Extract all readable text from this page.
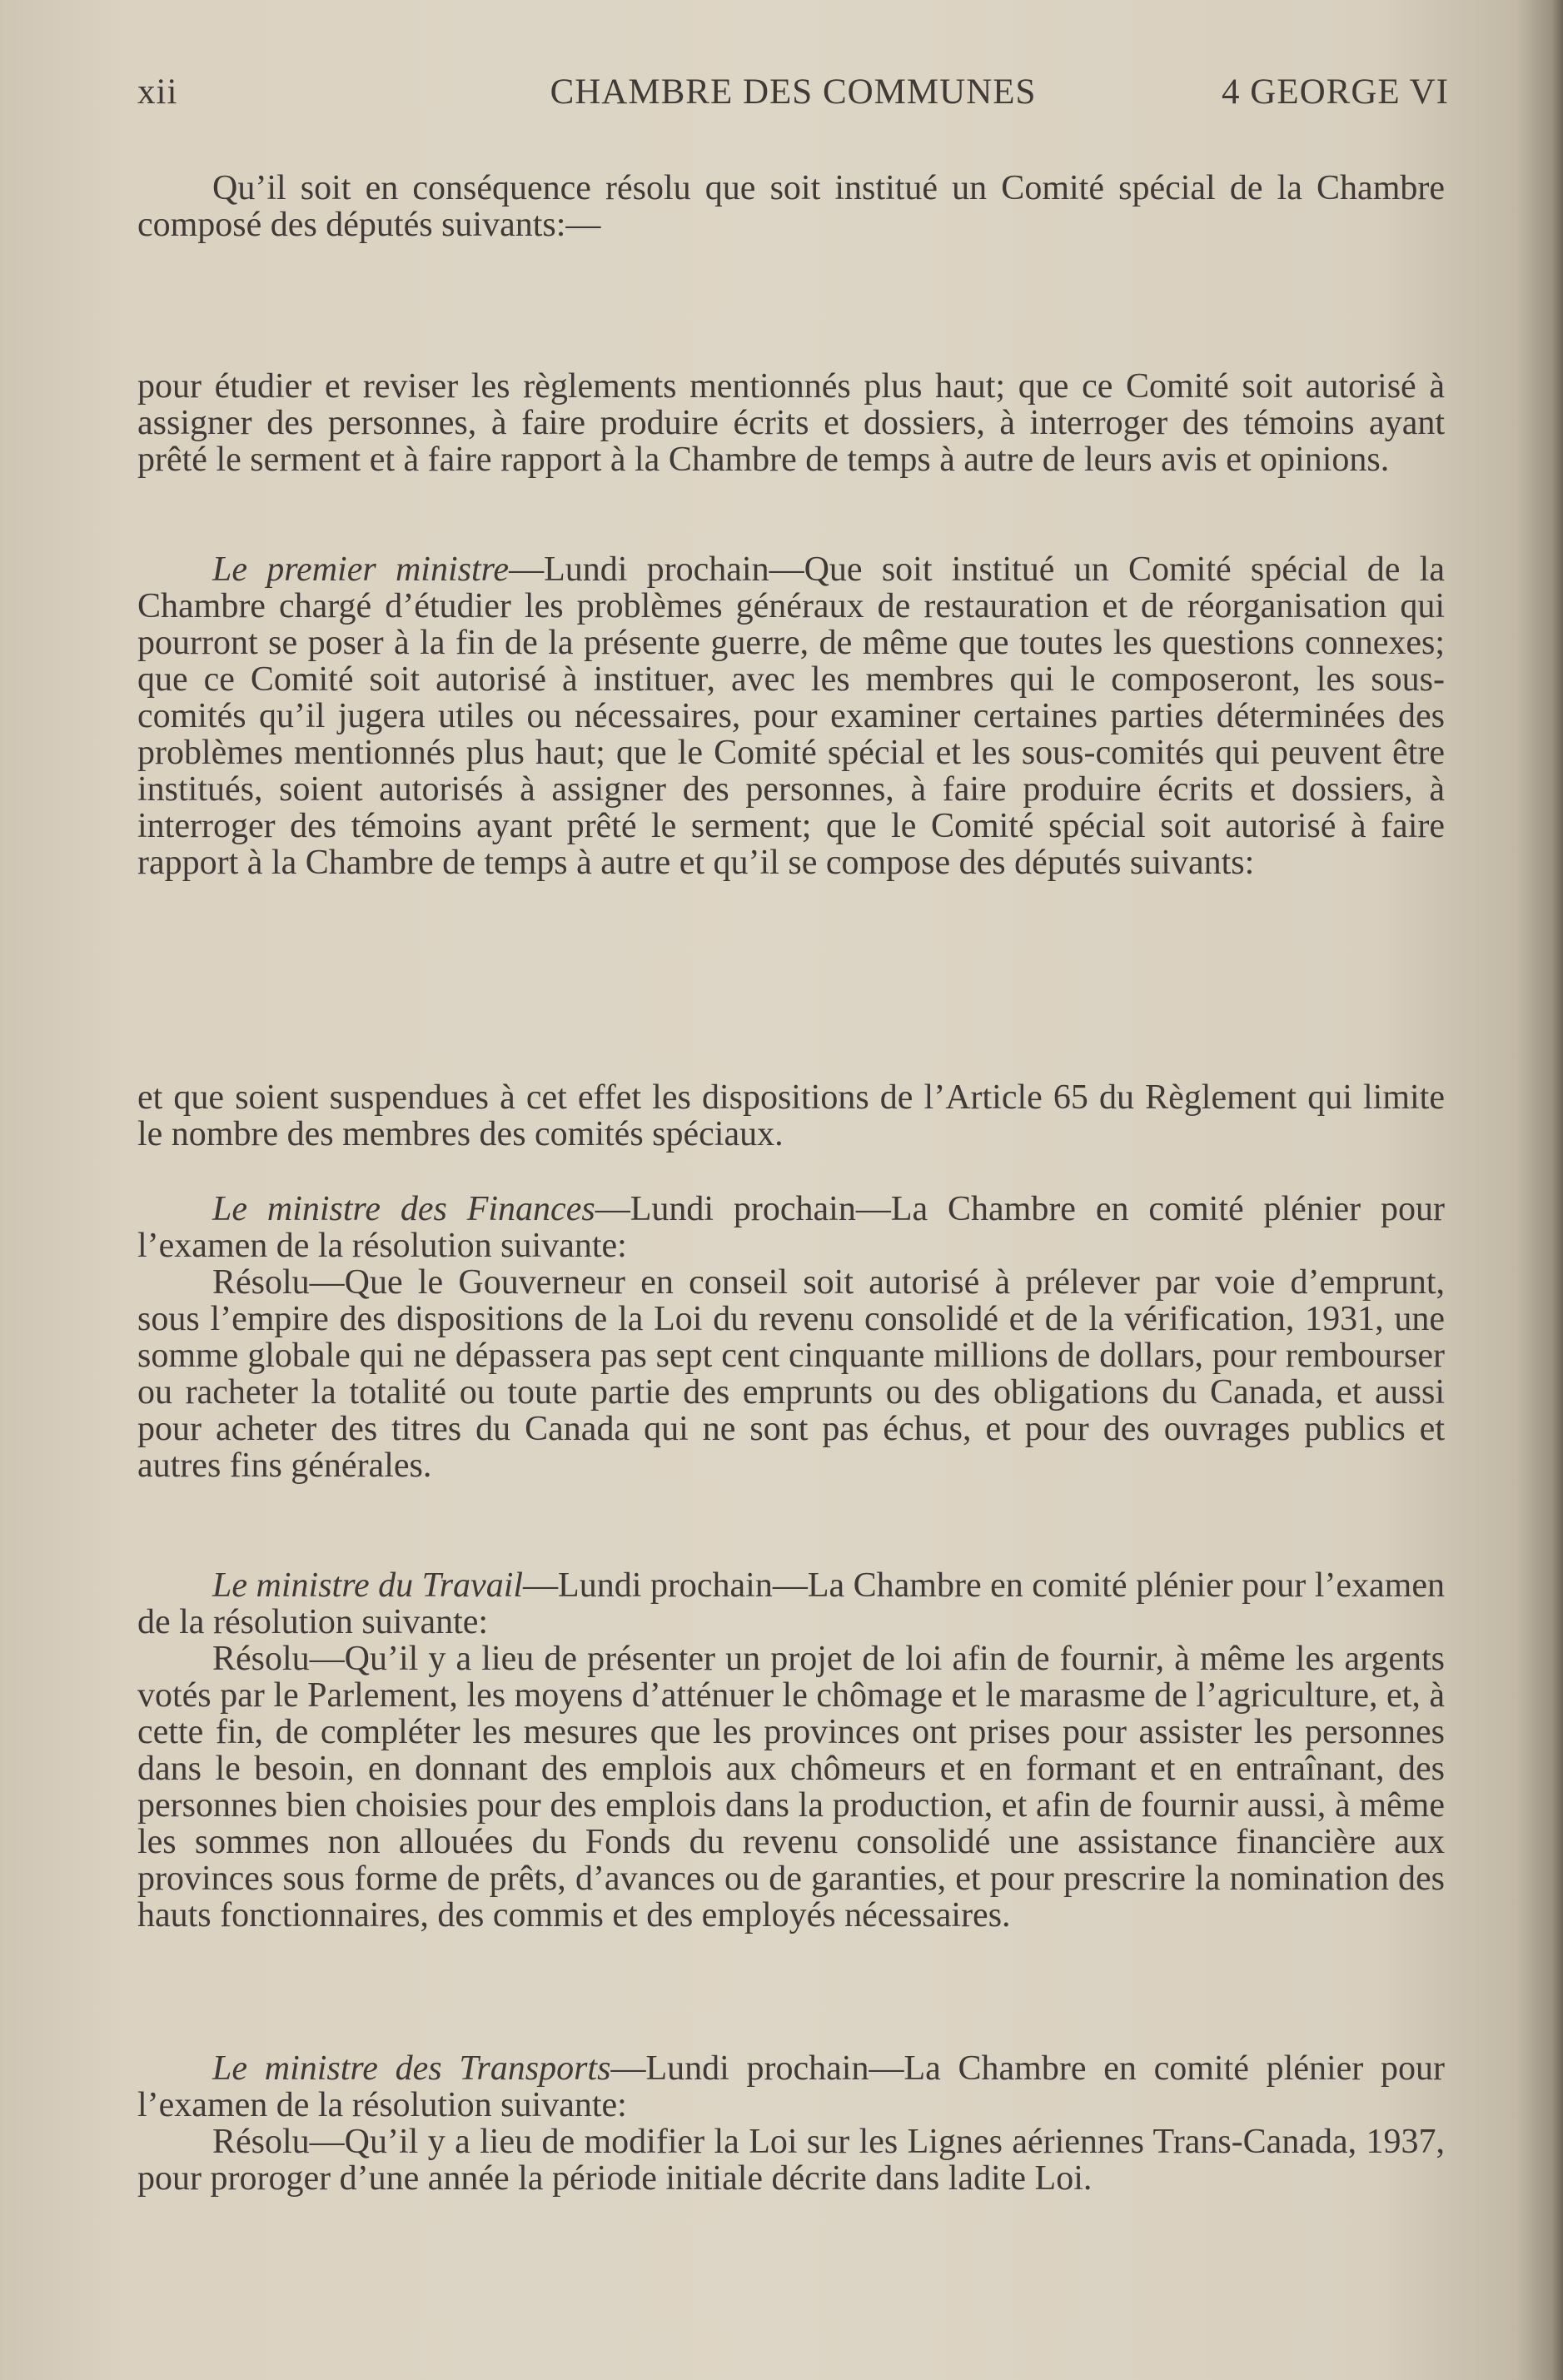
xii	CHAMBRE DES COMMUNES	4 GEORGE VI

Qu’il soit en conséquence résolu que soit institué un Comité spécial de la Chambre composé des députés suivants:—

pour étudier et reviser les règlements mentionnés plus haut; que ce Comité soit autorisé à assigner des personnes, à faire produire écrits et dossiers, à interroger des témoins ayant prêté le serment et à faire rapport à la Chambre de temps à autre de leurs avis et opinions.

Le premier ministre—Lundi prochain—Que soit institué un Comité spécial de la Chambre chargé d’étudier les problèmes généraux de restauration et de réorganisation qui pourront se poser à la fin de la présente guerre, de même que toutes les questions connexes; que ce Comité soit autorisé à instituer, avec les membres qui le composeront, les sous-comités qu’il jugera utiles ou nécessaires, pour examiner certaines parties déterminées des problèmes mentionnés plus haut; que le Comité spécial et les sous-comités qui peuvent être institués, soient autorisés à assigner des personnes, à faire produire écrits et dossiers, à interroger des témoins ayant prêté le serment; que le Comité spécial soit autorisé à faire rapport à la Chambre de temps à autre et qu’il se compose des députés suivants:

et que soient suspendues à cet effet les dispositions de l’Article 65 du Règlement qui limite le nombre des membres des comités spéciaux.

Le ministre des Finances—Lundi prochain—La Chambre en comité plénier pour l’examen de la résolution suivante:

Résolu—Que le Gouverneur en conseil soit autorisé à prélever par voie d’emprunt, sous l’empire des dispositions de la Loi du revenu consolidé et de la vérification, 1931, une somme globale qui ne dépassera pas sept cent cinquante millions de dollars, pour rembourser ou racheter la totalité ou toute partie des emprunts ou des obligations du Canada, et aussi pour acheter des titres du Canada qui ne sont pas échus, et pour des ouvrages publics et autres fins générales.

Le ministre du Travail—Lundi prochain—La Chambre en comité plénier pour l’examen de la résolution suivante:

Résolu—Qu’il y a lieu de présenter un projet de loi afin de fournir, à même les argents votés par le Parlement, les moyens d’atténuer le chômage et le marasme de l’agriculture, et, à cette fin, de compléter les mesures que les provinces ont prises pour assister les personnes dans le besoin, en donnant des emplois aux chômeurs et en formant et en entraînant, des personnes bien choisies pour des emplois dans la production, et afin de fournir aussi, à même les sommes non allouées du Fonds du revenu consolidé une assistance financière aux provinces sous forme de prêts, d’avances ou de garanties, et pour prescrire la nomination des hauts fonctionnaires, des commis et des employés nécessaires.

Le ministre des Transports—Lundi prochain—La Chambre en comité plénier pour l’examen de la résolution suivante:

Résolu—Qu’il y a lieu de modifier la Loi sur les Lignes aériennes Trans-Canada, 1937, pour proroger d’une année la période initiale décrite dans ladite Loi.
